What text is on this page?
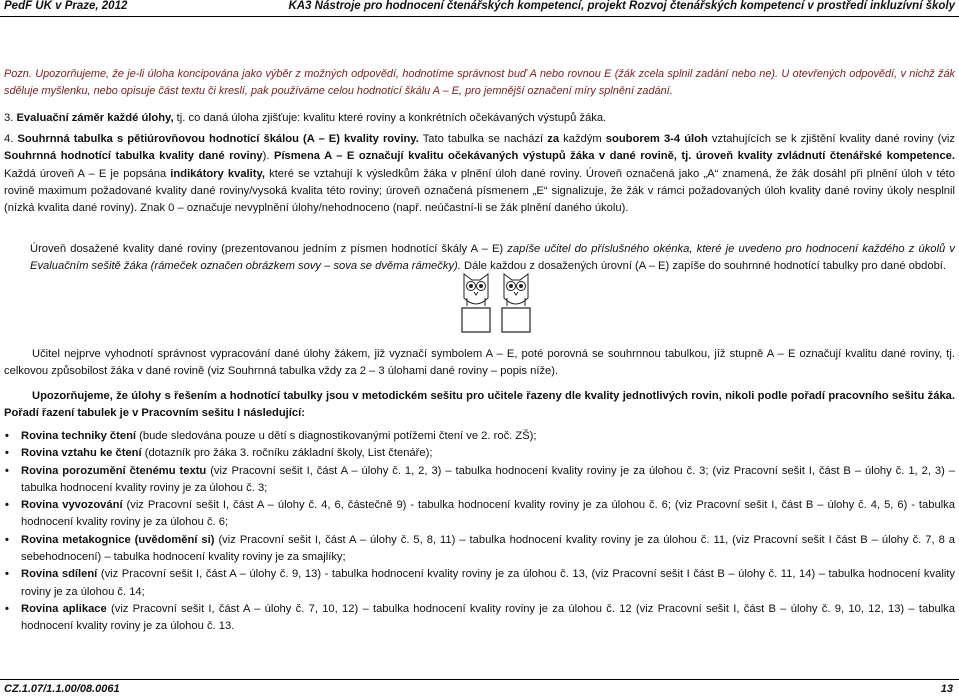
PedF UK v Praze, 2012	KA3 Nástroje pro hodnocení čtenářských kompetencí, projekt Rozvoj čtenářských kompetencí v prostředí inkluzívní školy
Pozn. Upozorňujeme, že je-li úloha koncipována jako výběr z možných odpovědí, hodnotíme správnost buď A nebo rovnou E (žák zcela splnil zadání nebo ne). U otevřených odpovědí, v nichž žák sděluje myšlenku, nebo opisuje část textu či kreslí, pak používáme celou hodnotící škálu A – E, pro jemnější označení míry splnění zadání.
3. Evaluační záměr každé úlohy, tj. co daná úloha zjišťuje: kvalitu které roviny a konkrétních očekávaných výstupů žáka.
4. Souhrnná tabulka s pětiúrovňovou hodnotící škálou (A – E) kvality roviny. Tato tabulka se nachází za každým souborem 3-4 úloh vztahujících se k zjištění kvality dané roviny (viz Souhrnná hodnotící tabulka kvality dané roviny). Písmena A – E označují kvalitu očekávaných výstupů žáka v dané rovině, tj. úroveň kvality zvládnutí čtenářské kompetence. Každá úroveň A – E je popsána indikátory kvality, které se vztahují k výsledkům žáka v plnění úloh dané roviny. Úroveň označená jako „A“ znamená, že žák dosáhl při plnění úloh v této rovině maximum požadované kvality dané roviny/vysoká kvalita této roviny; úroveň označená písmenem „E“ signalizuje, že žák v rámci požadovaných úloh kvality dané roviny úkoly nesplnil (nízká kvalita dané roviny). Znak 0 – označuje nevyplnění úlohy/nehodnoceno (např. neúčastní-li se žák plnění daného úkolu).
Úroveň dosažené kvality dané roviny (prezentovanou jedním z písmen hodnotící škály A – E) zapíše učitel do příslušného okénka, které je uvedeno pro hodnocení každého z úkolů v Evaluačním sešitě žáka (rámeček označen obrázkem sovy – sova se dvěma rámečky). Dále každou z dosažených úrovní (A – E) zapíše do souhrnné hodnotící tabulky pro dané období.
Učitel nejprve vyhodnotí správnost vypracování dané úlohy žákem, již vyznačí symbolem A – E, poté porovná se souhrnnou tabulkou, jíž stupně A – E označují kvalitu dané roviny, tj. celkovou způsobilost žáka v dané rovině (viz Souhrnná tabulka vždy za 2 – 3 úlohami dané roviny – popis níže).
Upozorňujeme, že úlohy s řešením a hodnotící tabulky jsou v metodickém sešitu pro učitele řazeny dle kvality jednotlivých rovin, nikoli podle pořadí pracovního sešitu žáka. Pořadí řazení tabulek je v Pracovním sešitu I následující:
• Rovina techniky čtení (bude sledována pouze u dětí s diagnostikovanými potížemi čtení ve 2. roč. ZŠ);
• Rovina vztahu ke čtení (dotazník pro žáka 3. ročníku základní školy, List čtenáře);
• Rovina porozumění čtenému textu (viz Pracovní sešit I, část A – úlohy č. 1, 2, 3) – tabulka hodnocení kvality roviny je za úlohou č. 3; (viz Pracovní sešit I, část B – úlohy č. 1, 2, 3) – tabulka hodnocení kvality roviny je za úlohou č. 3;
• Rovina vyvozování (viz Pracovní sešit I, část A – úlohy č. 4, 6, částečně 9) - tabulka hodnocení kvality roviny je za úlohou č. 6; (viz Pracovní sešit I, část B – úlohy č. 4, 5, 6) - tabulka hodnocení kvality roviny je za úlohou č. 6;
• Rovina metakognice (uvědomění si) (viz Pracovní sešit I, část A – úlohy č. 5, 8, 11) – tabulka hodnocení kvality roviny je za úlohou č. 11, (viz Pracovní sešit I část B – úlohy č. 7, 8 a sebehodnocení) – tabulka hodnocení kvality roviny je za smajlíky;
• Rovina sdílení (viz Pracovní sešit I, část A – úlohy č. 9, 13) - tabulka hodnocení kvality roviny je za úlohou č. 13, (viz Pracovní sešit I část B – úlohy č. 11, 14) – tabulka hodnocení kvality roviny je za úlohou č. 14;
• Rovina aplikace (viz Pracovní sešit I, část A – úlohy č. 7, 10, 12) – tabulka hodnocení kvality roviny je za úlohou č. 12 (viz Pracovní sešit I, část B – úlohy č. 9, 10, 12, 13) – tabulka hodnocení kvality roviny je za úlohou č. 13.
CZ.1.07/1.1.00/08.0061	13
